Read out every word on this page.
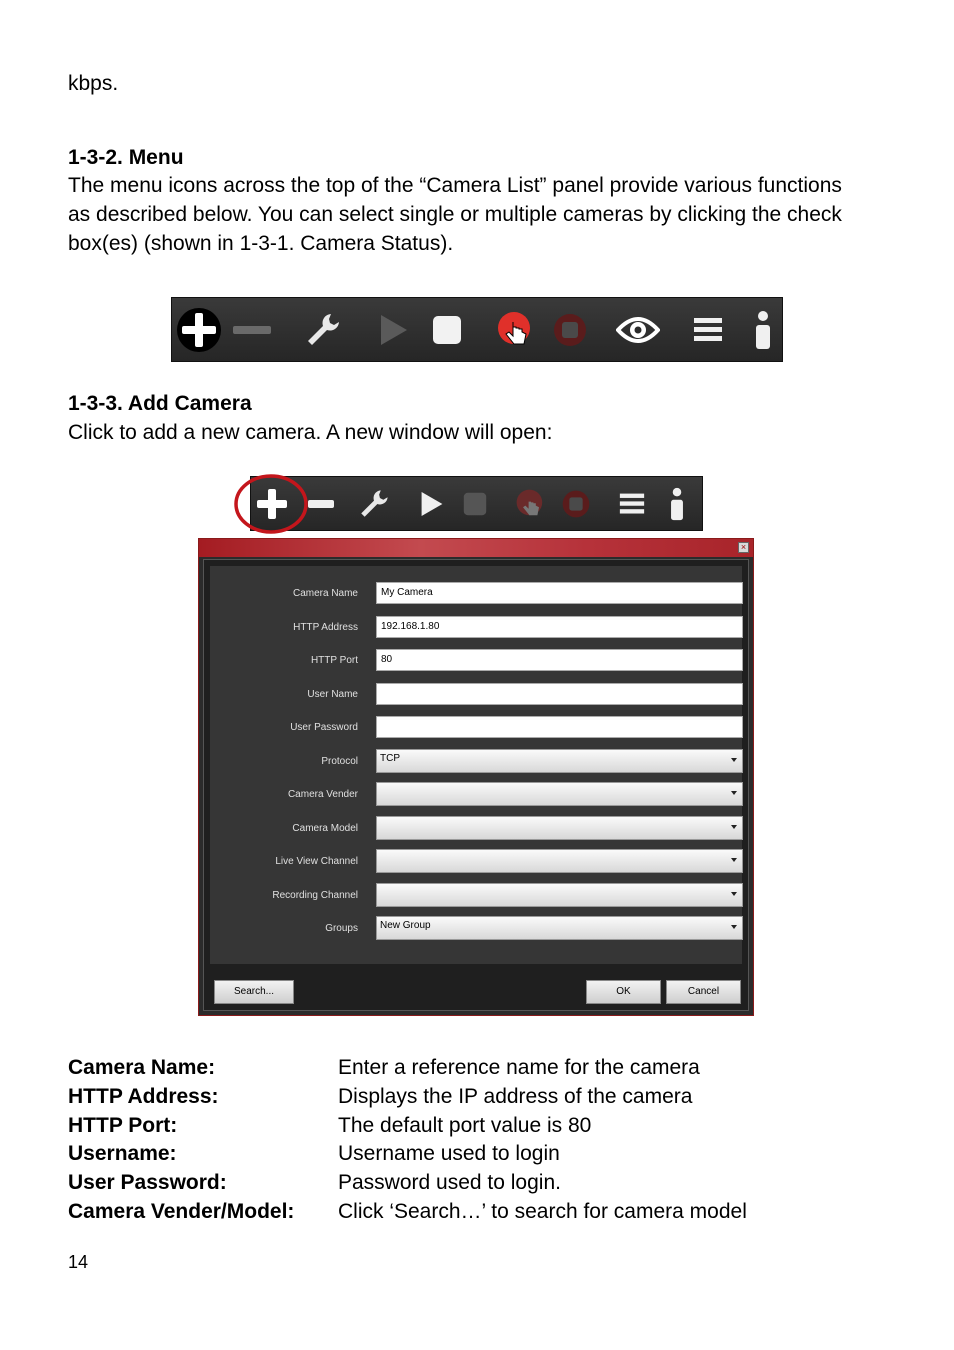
kbps.
1-3-2. Menu
The menu icons across the top of the “Camera List” panel provide various functions as described below. You can select single or multiple cameras by clicking the check box(es) (shown in 1-3-1. Camera Status).
1-3-3. Add Camera
Click to add a new camera. A new window will open:
×
Camera Name	My Camera
HTTP Address	192.168.1.80
HTTP Port	80
User Name
User Password
Protocol	TCP
Camera Vender
Camera Model
Live View Channel
Recording Channel
Groups	New Group
Search...	OK	Cancel
Camera Name:	Enter a reference name for the camera
HTTP Address:	Displays the IP address of the camera
HTTP Port:	The default port value is 80
Username:	Username used to login
User Password:	Password used to login.
Camera Vender/Model: Click ‘Search…’ to search for camera model
14
